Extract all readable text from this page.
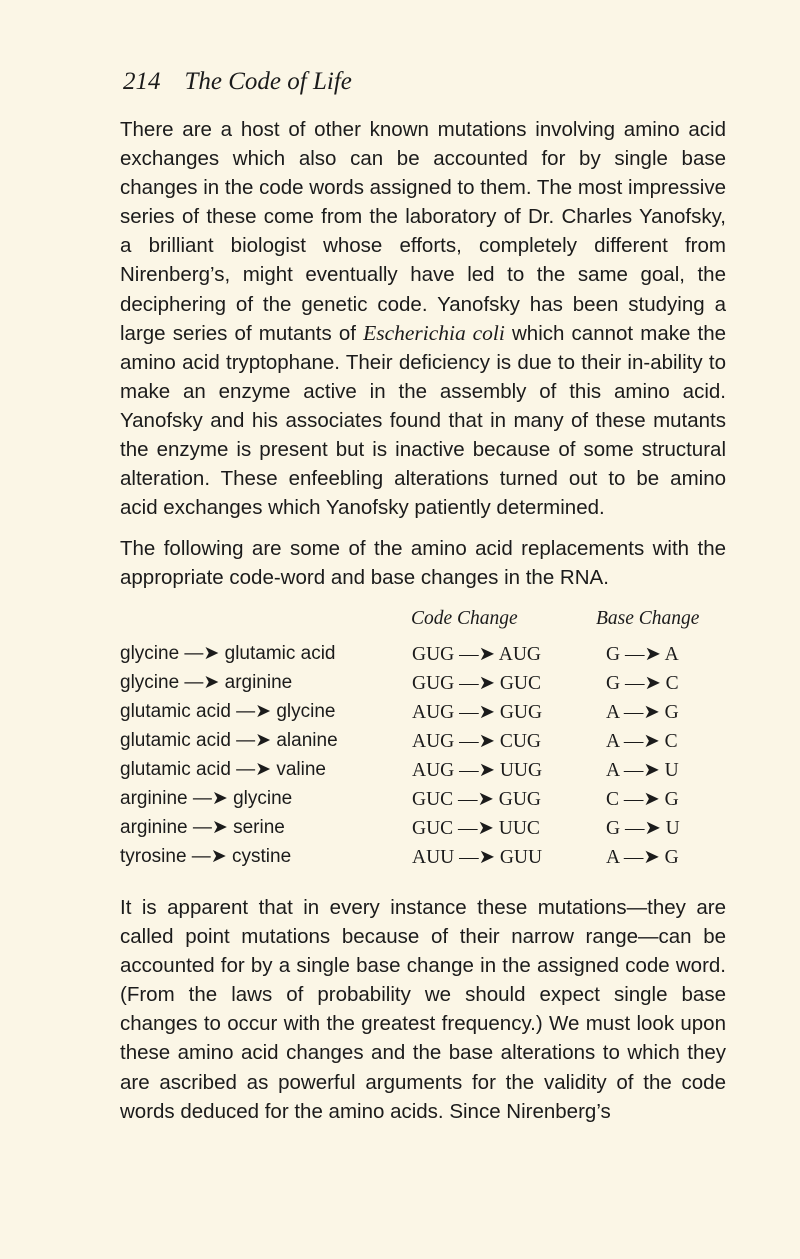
214 The Code of Life

There are a host of other known mutations involving amino acid exchanges which also can be accounted for by single base changes in the code words assigned to them. The most impressive series of these come from the laboratory of Dr. Charles Yanofsky, a brilliant biologist whose efforts, completely different from Nirenberg’s, might eventually have led to the same goal, the deciphering of the genetic code. Yanofsky has been studying a large series of mutants of Escherichia coli which cannot make the amino acid tryptophane. Their deficiency is due to their in-ability to make an enzyme active in the assembly of this amino acid. Yanofsky and his associates found that in many of these mutants the enzyme is present but is inactive because of some structural alteration. These enfeebling alterations turned out to be amino acid exchanges which Yanofsky patiently determined.

The following are some of the amino acid replacements with the appropriate code-word and base changes in the RNA.

Code Change	Base Change
glycine —➤ glutamic acid	GUG —➤ AUG	G —➤ A
glycine —➤ arginine	GUG —➤ GUC	G —➤ C
glutamic acid —➤ glycine	AUG —➤ GUG	A —➤ G
glutamic acid —➤ alanine	AUG —➤ CUG	A —➤ C
glutamic acid —➤ valine	AUG —➤ UUG	A —➤ U
arginine —➤ glycine	GUC —➤ GUG	C —➤ G
arginine —➤ serine	GUC —➤ UUC	G —➤ U
tyrosine —➤ cystine	AUU —➤ GUU	A —➤ G

It is apparent that in every instance these mutations—they are called point mutations because of their narrow range—can be accounted for by a single base change in the assigned code word. (From the laws of probability we should expect single base changes to occur with the greatest frequency.) We must look upon these amino acid changes and the base alterations to which they are ascribed as powerful arguments for the validity of the code words deduced for the amino acids. Since Nirenberg’s
